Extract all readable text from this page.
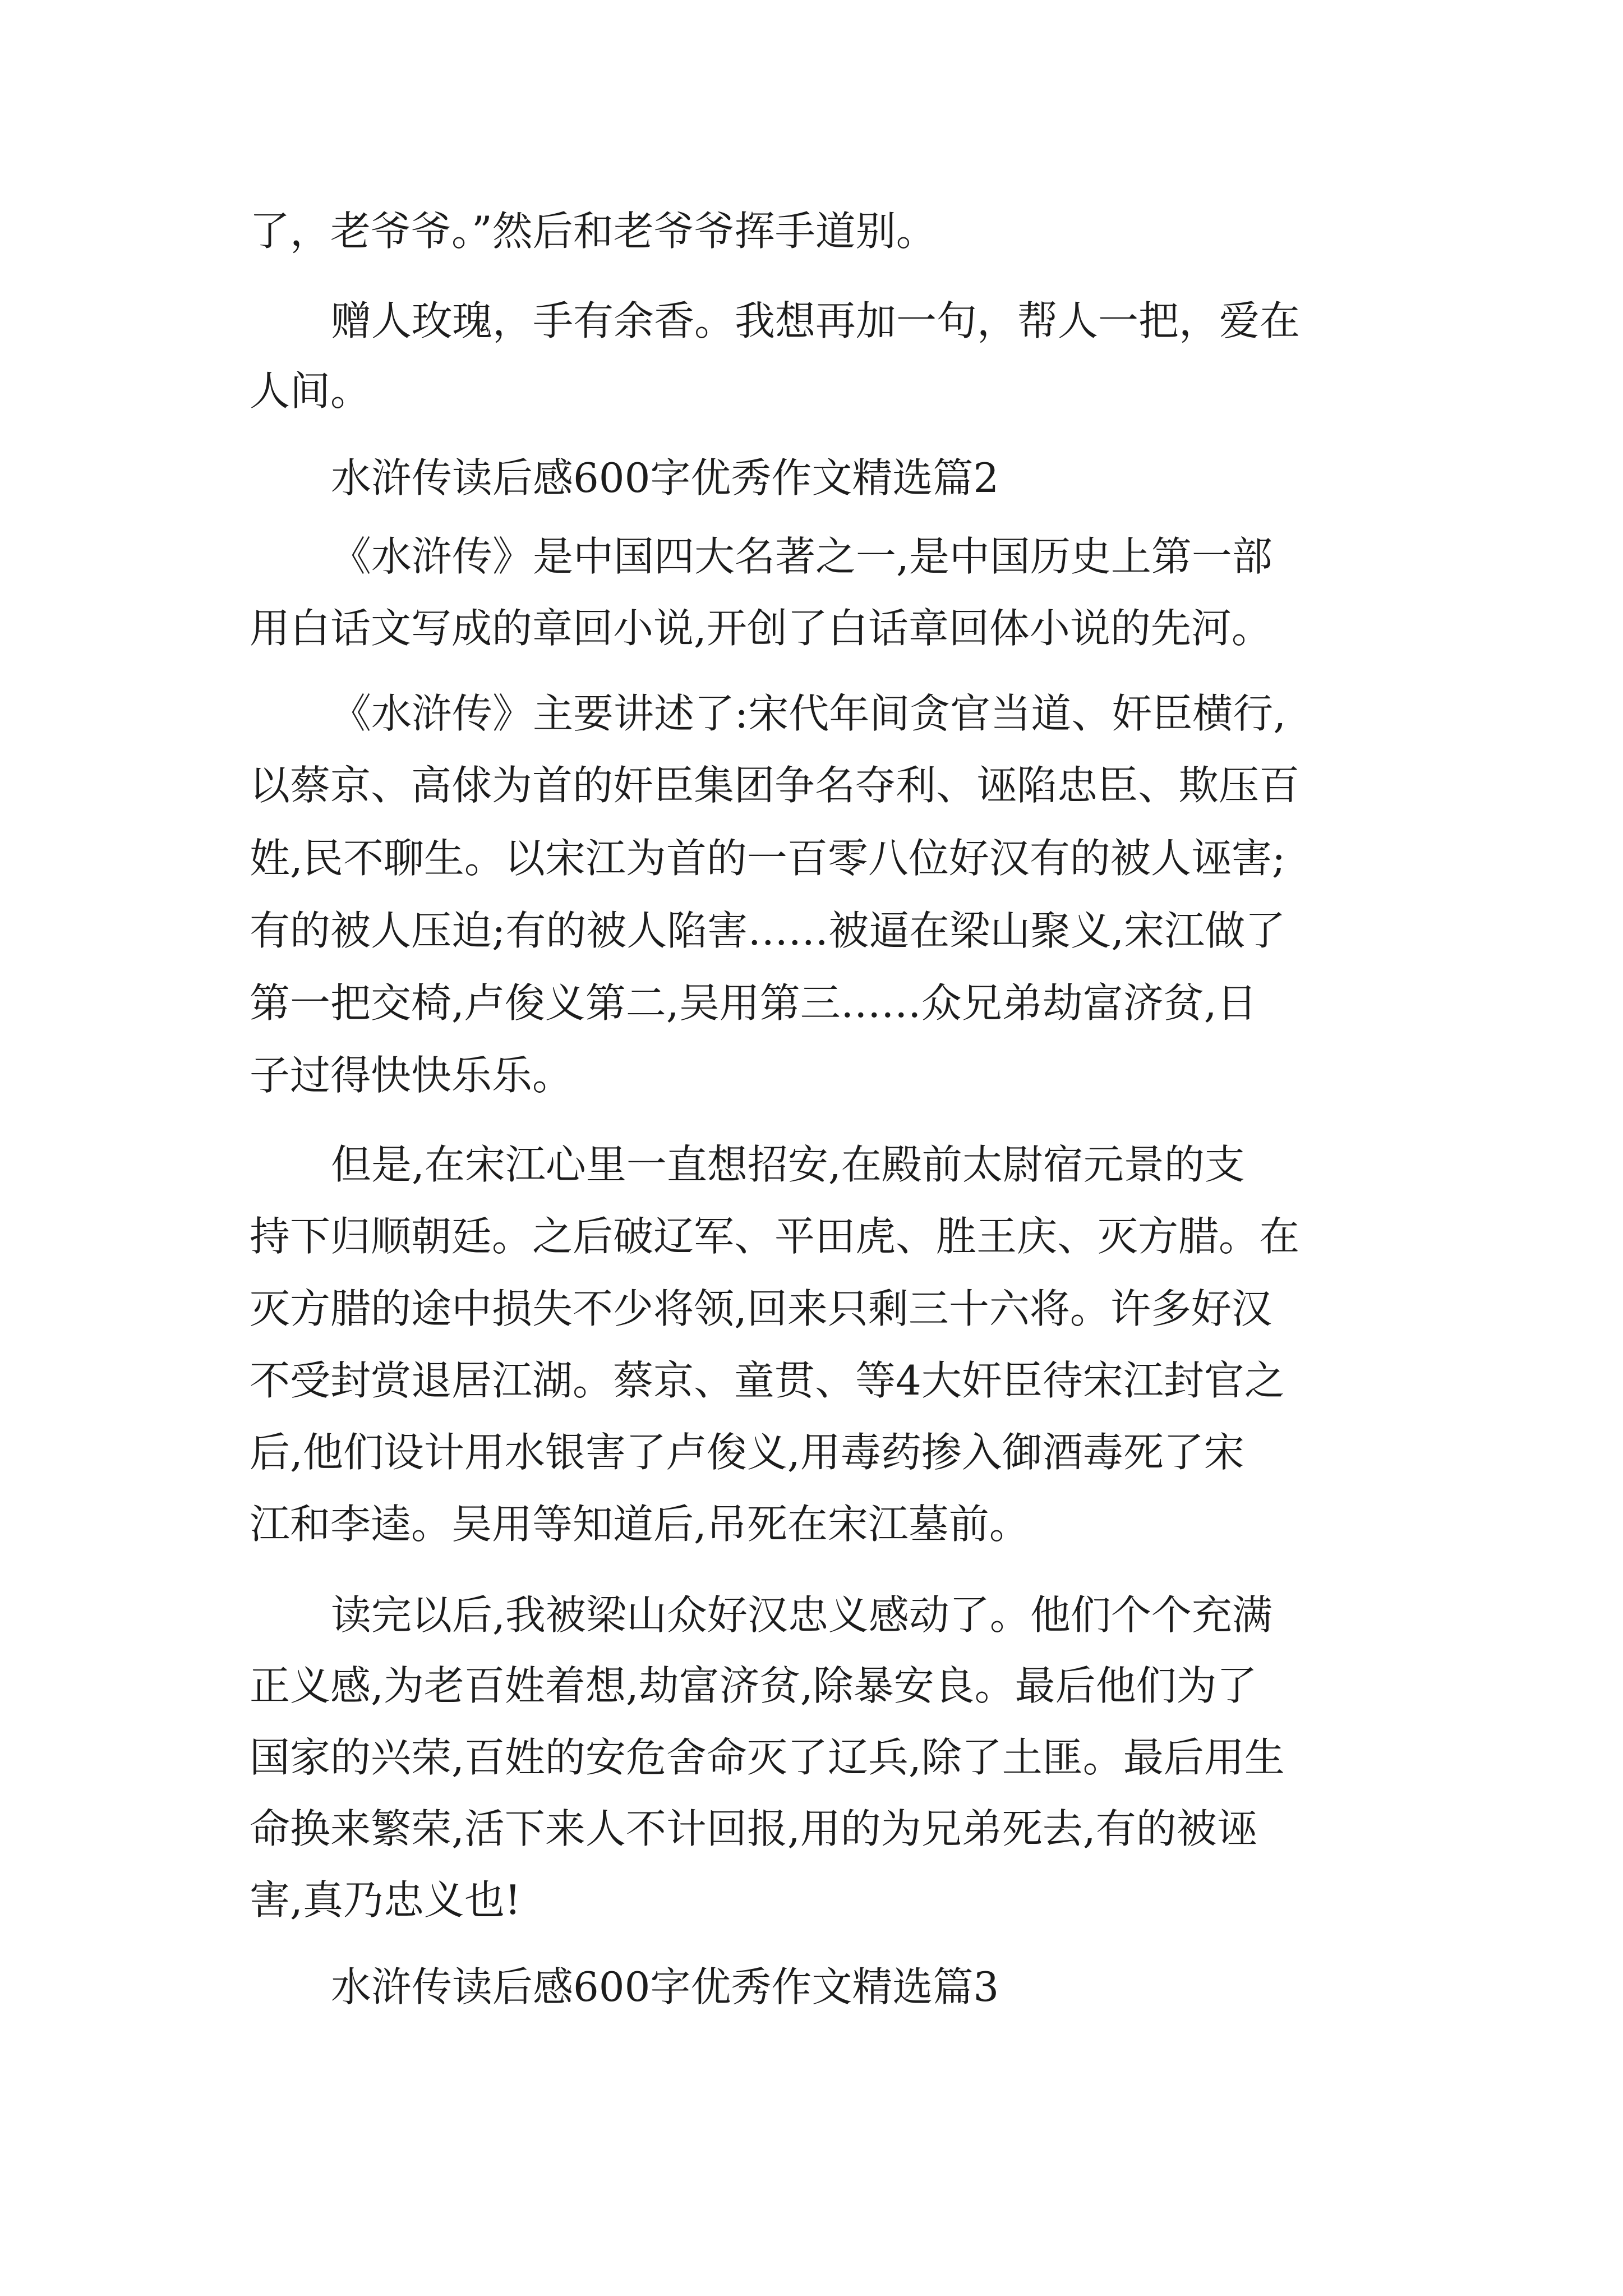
了，老爷爷。”然后和老爷爷挥手道别。
赠人玫瑰，手有余香。我想再加一句，帮人一把，爱在
人间。
水浒传读后感600字优秀作文精选篇2
《水浒传》是中国四大名著之一,是中国历史上第一部
用白话文写成的章回小说,开创了白话章回体小说的先河。
《水浒传》主要讲述了:宋代年间贪官当道、奸臣横行,
以蔡京、高俅为首的奸臣集团争名夺利、诬陷忠臣、欺压百
姓,民不聊生。以宋江为首的一百零八位好汉有的被人诬害;
有的被人压迫;有的被人陷害……被逼在梁山聚义,宋江做了
第一把交椅,卢俊义第二,吴用第三……众兄弟劫富济贫,日
子过得快快乐乐。
但是,在宋江心里一直想招安,在殿前太尉宿元景的支
持下归顺朝廷。之后破辽军、平田虎、胜王庆、灭方腊。在
灭方腊的途中损失不少将领,回来只剩三十六将。许多好汉
不受封赏退居江湖。蔡京、童贯、等4大奸臣待宋江封官之
后,他们设计用水银害了卢俊义,用毒药掺入御酒毒死了宋
江和李逵。吴用等知道后,吊死在宋江墓前。
读完以后,我被梁山众好汉忠义感动了。他们个个充满
正义感,为老百姓着想,劫富济贫,除暴安良。最后他们为了
国家的兴荣,百姓的安危舍命灭了辽兵,除了土匪。最后用生
命换来繁荣,活下来人不计回报,用的为兄弟死去,有的被诬
害,真乃忠义也!
水浒传读后感600字优秀作文精选篇3
